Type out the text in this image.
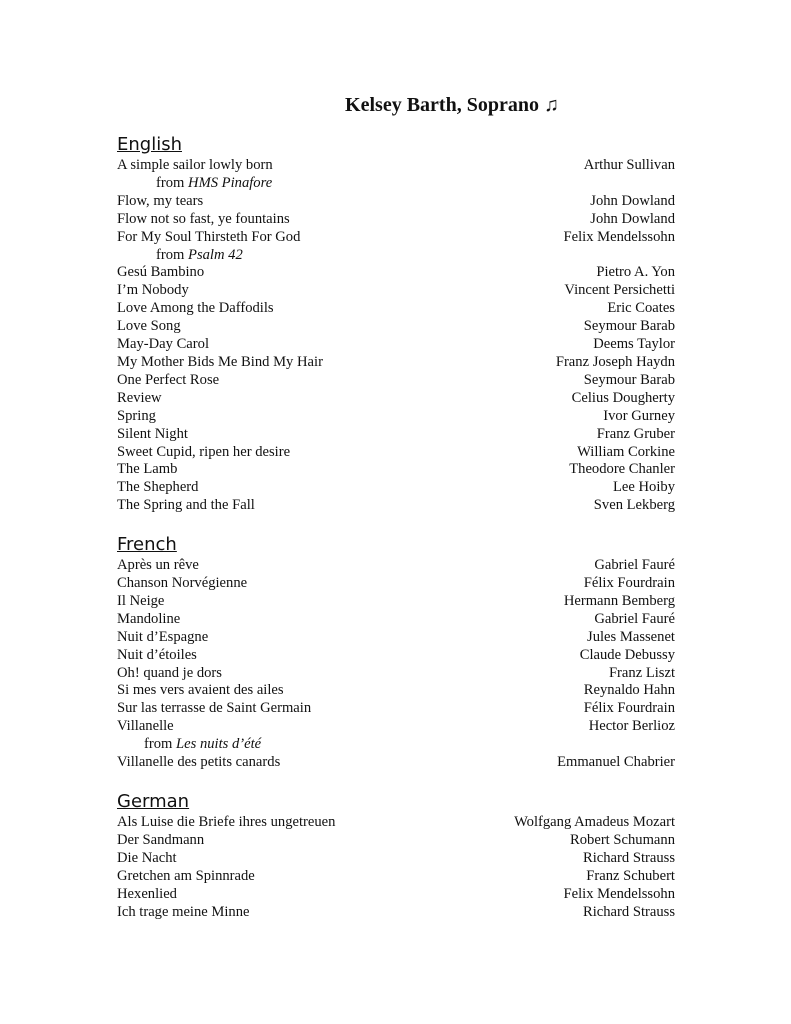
Kelsey Barth, Soprano ♫
English
A simple sailor lowly born	Arthur Sullivan
from HMS Pinafore
Flow, my tears	John Dowland
Flow not so fast, ye fountains	John Dowland
For My Soul Thirsteth For God	Felix Mendelssohn
from Psalm 42
Gesú Bambino	Pietro A. Yon
I’m Nobody	Vincent Persichetti
Love Among the Daffodils	Eric Coates
Love Song	Seymour Barab
May-Day Carol	Deems Taylor
My Mother Bids Me Bind My Hair	Franz Joseph Haydn
One Perfect Rose	Seymour Barab
Review	Celius Dougherty
Spring	Ivor Gurney
Silent Night	Franz Gruber
Sweet Cupid, ripen her desire	William Corkine
The Lamb	Theodore Chanler
The Shepherd	Lee Hoiby
The Spring and the Fall	Sven Lekberg
French
Après un rêve	Gabriel Fauré
Chanson Norvégienne	Félix Fourdrain
Il Neige	Hermann Bemberg
Mandoline	Gabriel Fauré
Nuit d’Espagne	Jules Massenet
Nuit d’étoiles	Claude Debussy
Oh! quand je dors	Franz Liszt
Si mes vers avaient des ailes	Reynaldo Hahn
Sur las terrasse de Saint Germain	Félix Fourdrain
Villanelle	Hector Berlioz
from Les nuits d’été
Villanelle des petits canards	Emmanuel Chabrier
German
Als Luise die Briefe ihres ungetreuen	Wolfgang Amadeus Mozart
Der Sandmann	Robert Schumann
Die Nacht	Richard Strauss
Gretchen am Spinnrade	Franz Schubert
Hexenlied	Felix Mendelssohn
Ich trage meine Minne	Richard Strauss
